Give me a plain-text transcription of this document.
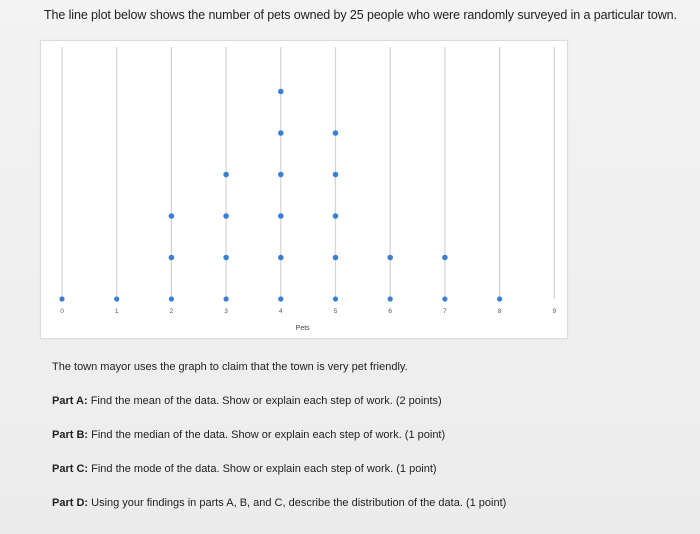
The line plot below shows the number of pets owned by 25 people who were randomly surveyed in a particular town.
0	1	2	3	4	5	6	7	8	9
Pets
The town mayor uses the graph to claim that the town is very pet friendly.
Part A: Find the mean of the data. Show or explain each step of work. (2 points)
Part B: Find the median of the data. Show or explain each step of work. (1 point)
Part C: Find the mode of the data. Show or explain each step of work. (1 point)
Part D: Using your findings in parts A, B, and C, describe the distribution of the data. (1 point)
